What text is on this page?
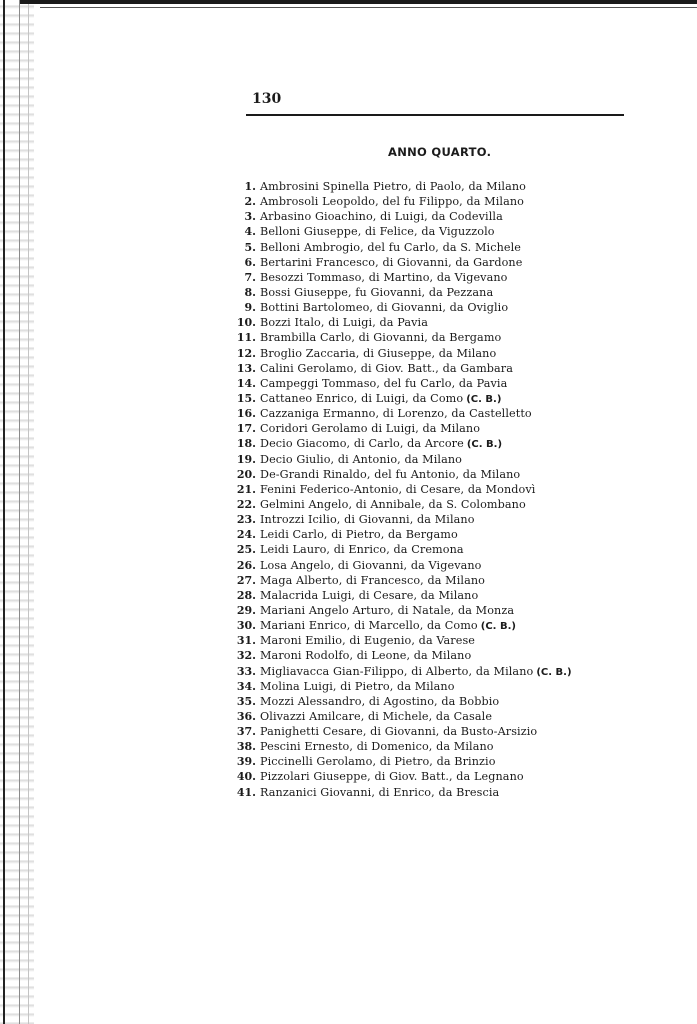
130
ANNO QUARTO.
1. Ambrosini Spinella Pietro, di Paolo, da Milano
2. Ambrosoli Leopoldo, del fu Filippo, da Milano
3. Arbasino Gioachino, di Luigi, da Codevilla
4. Belloni Giuseppe, di Felice, da Viguzzolo
5. Belloni Ambrogio, del fu Carlo, da S. Michele
6. Bertarini Francesco, di Giovanni, da Gardone
7. Besozzi Tommaso, di Martino, da Vigevano
8. Bossi Giuseppe, fu Giovanni, da Pezzana
9. Bottini Bartolomeo, di Giovanni, da Oviglio
10. Bozzi Italo, di Luigi, da Pavia
11. Brambilla Carlo, di Giovanni, da Bergamo
12. Broglio Zaccaria, di Giuseppe, da Milano
13. Calini Gerolamo, di Giov. Batt., da Gambara
14. Campeggi Tommaso, del fu Carlo, da Pavia
15. Cattaneo Enrico, di Luigi, da Como (C. B.)
16. Cazzaniga Ermanno, di Lorenzo, da Castelletto
17. Coridori Gerolamo di Luigi, da Milano
18. Decio Giacomo, di Carlo, da Arcore (C. B.)
19. Decio Giulio, di Antonio, da Milano
20. De-Grandi Rinaldo, del fu Antonio, da Milano
21. Fenini Federico-Antonio, di Cesare, da Mondovì
22. Gelmini Angelo, di Annibale, da S. Colombano
23. Introzzi Icilio, di Giovanni, da Milano
24. Leidi Carlo, di Pietro, da Bergamo
25. Leidi Lauro, di Enrico, da Cremona
26. Losa Angelo, di Giovanni, da Vigevano
27. Maga Alberto, di Francesco, da Milano
28. Malacrida Luigi, di Cesare, da Milano
29. Mariani Angelo Arturo, di Natale, da Monza
30. Mariani Enrico, di Marcello, da Como (C. B.)
31. Maroni Emilio, di Eugenio, da Varese
32. Maroni Rodolfo, di Leone, da Milano
33. Migliavacca Gian-Filippo, di Alberto, da Milano (C. B.)
34. Molina Luigi, di Pietro, da Milano
35. Mozzi Alessandro, di Agostino, da Bobbio
36. Olivazzi Amilcare, di Michele, da Casale
37. Panighetti Cesare, di Giovanni, da Busto-Arsizio
38. Pescini Ernesto, di Domenico, da Milano
39. Piccinelli Gerolamo, di Pietro, da Brinzio
40. Pizzolari Giuseppe, di Giov. Batt., da Legnano
41. Ranzanici Giovanni, di Enrico, da Brescia
